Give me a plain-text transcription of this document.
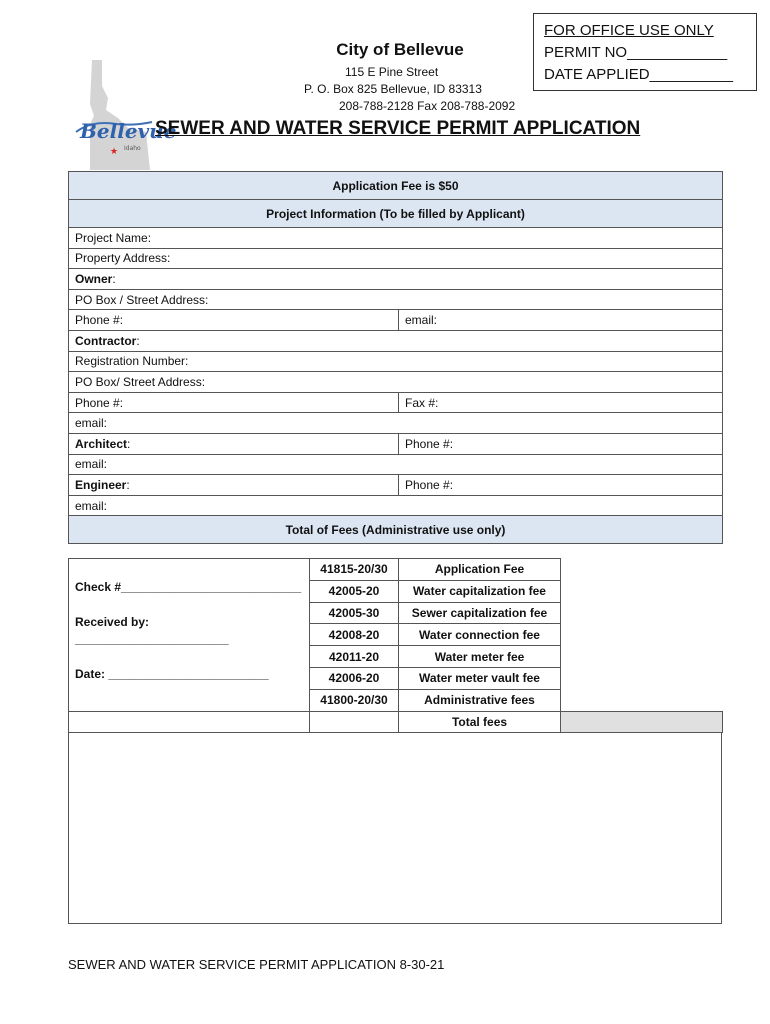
FOR OFFICE USE ONLY
PERMIT NO____________
DATE APPLIED__________
Bellevue
Idaho
★
City of Bellevue
115 E Pine Street
P. O. Box 825 Bellevue, ID 83313
208-788-2128 Fax 208-788-2092
SEWER AND WATER SERVICE PERMIT APPLICATION
Application Fee is $50	
Project Information (To be filled by Applicant)	
Project Name:	
Property Address:	
Owner:	
PO Box / Street Address:	
Phone #:	email:
Contractor:	
Registration Number:	
PO Box/ Street Address:	
Phone #:	Fax #:
email:	
Architect:	Phone #:
email:	
Engineer:	Phone #:
email:	
Total of Fees (Administrative use only)	
Check #___________________________
Received by:
_______________________
Date: ________________________	41815-20/30	Application Fee	
	42005-20	Water capitalization fee	
	42005-30	Sewer capitalization fee	
	42008-20	Water connection fee	
	42011-20	Water meter fee	
	42006-20	Water meter vault fee	
	41800-20/30	Administrative fees	
		Total fees	
SEWER AND WATER SERVICE PERMIT APPLICATION 8-30-21
